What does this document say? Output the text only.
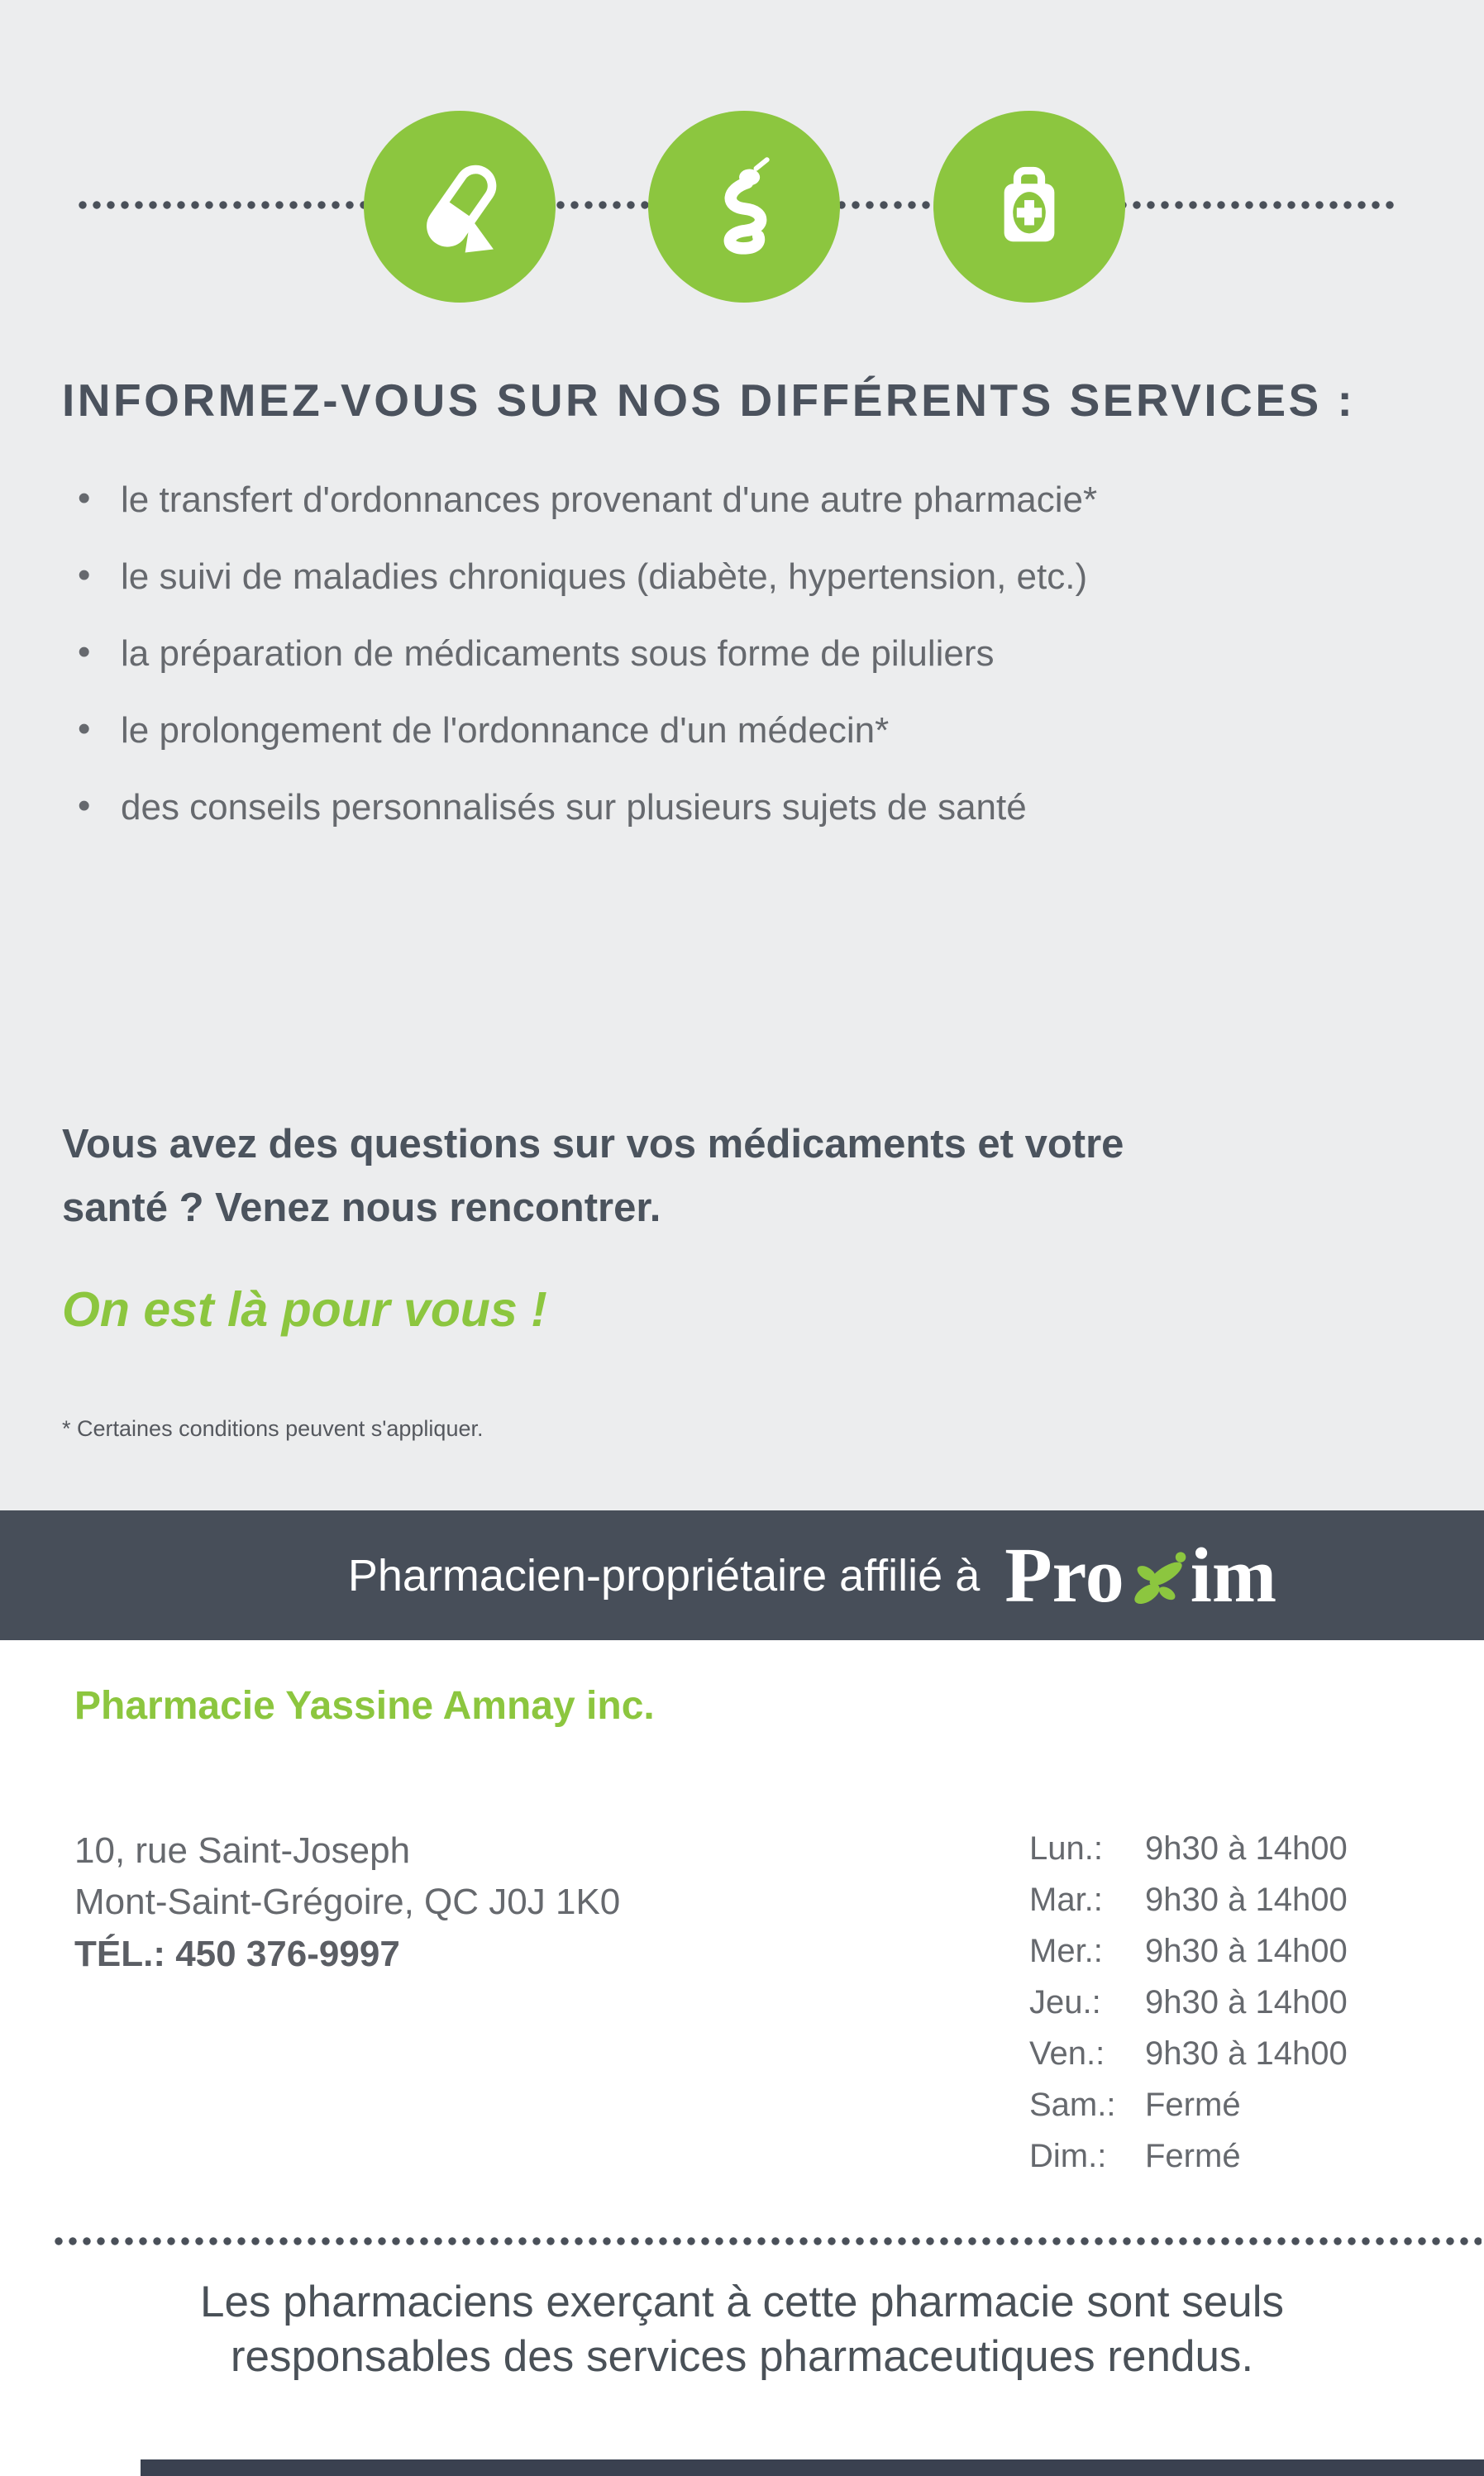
INFORMEZ-VOUS SUR NOS DIFFÉRENTS SERVICES :
• le transfert d'ordonnances provenant d'une autre pharmacie*
• le suivi de maladies chroniques (diabète, hypertension, etc.)
• la préparation de médicaments sous forme de piluliers
• le prolongement de l'ordonnance d'un médecin*
• des conseils personnalisés sur plusieurs sujets de santé
Vous avez des questions sur vos médicaments et votre
santé ? Venez nous rencontrer.
On est là pour vous !
* Certaines conditions peuvent s'appliquer.
Pharmacien-propriétaire affilié à Pro im
Pharmacie Yassine Amnay inc.
10, rue Saint-Joseph
Mont-Saint-Grégoire, QC J0J 1K0
TÉL.: 450 376-9997
Lun.:	9h30 à 14h00
Mar.:	9h30 à 14h00
Mer.:	9h30 à 14h00
Jeu.:	9h30 à 14h00
Ven.:	9h30 à 14h00
Sam.: Fermé
Dim.:	Fermé
Les pharmaciens exerçant à cette pharmacie sont seuls
responsables des services pharmaceutiques rendus.
